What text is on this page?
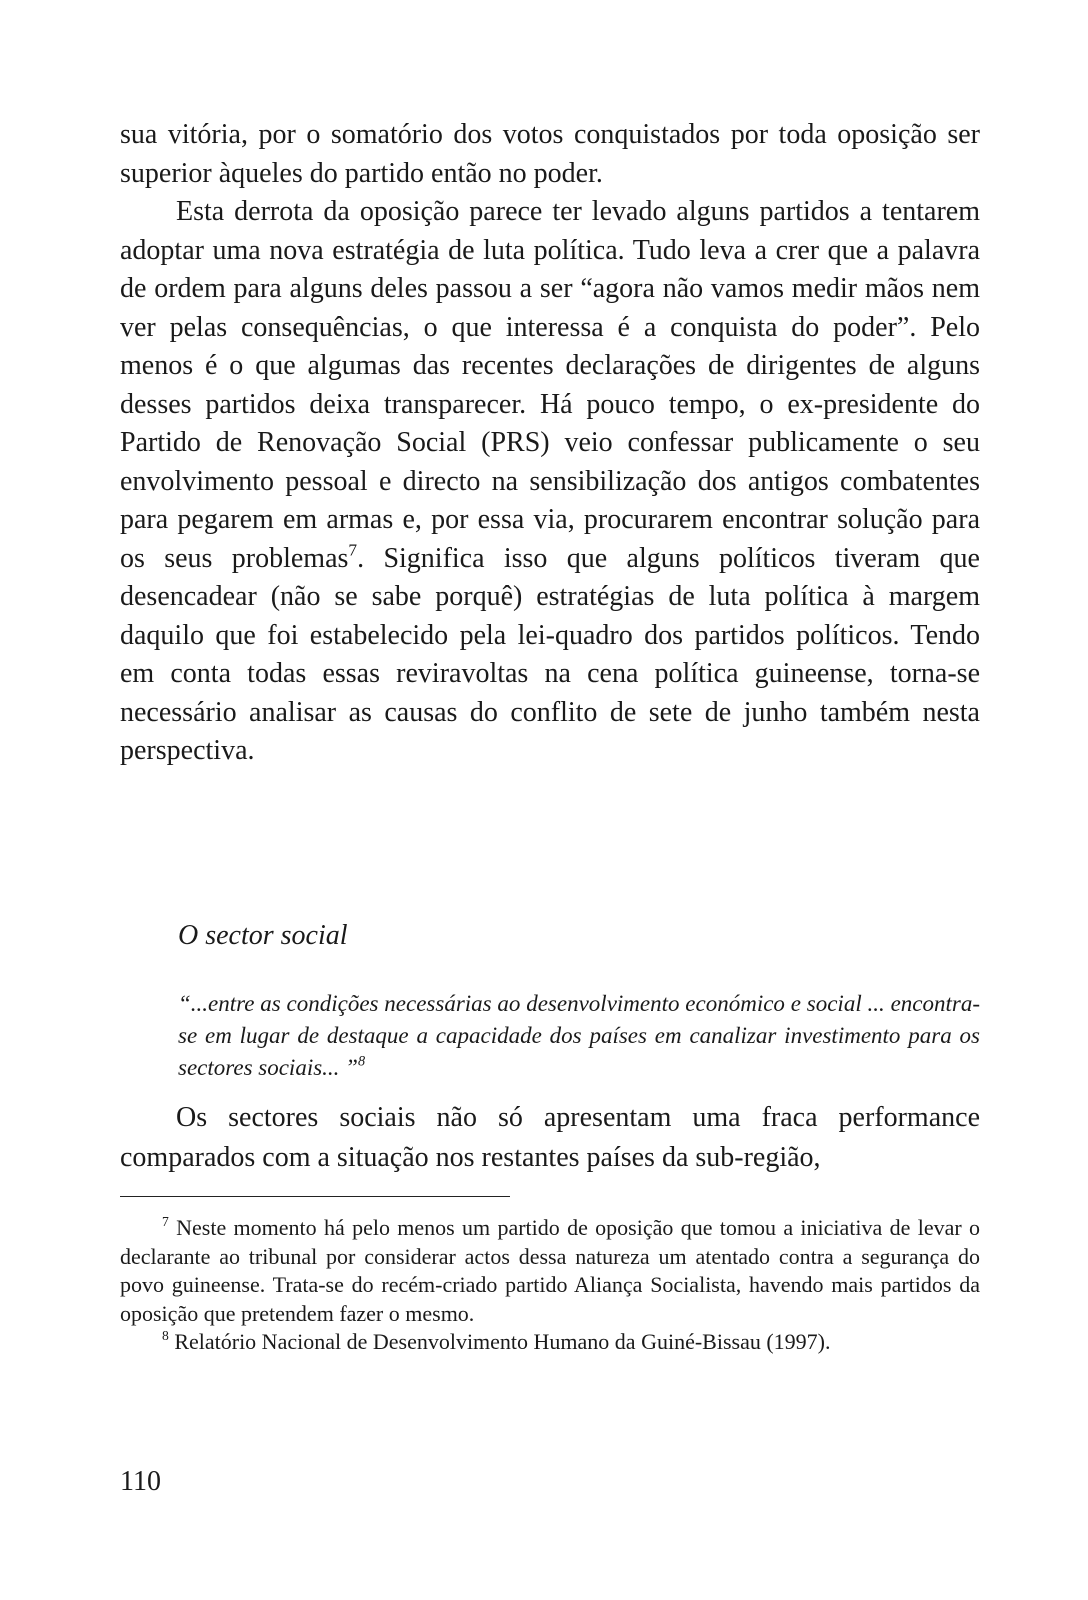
sua vitória, por o somatório dos votos conquistados por toda oposição ser superior àqueles do partido então no poder.

Esta derrota da oposição parece ter levado alguns partidos a tentarem adoptar uma nova estratégia de luta política. Tudo leva a crer que a palavra de ordem para alguns deles passou a ser “agora não vamos medir mãos nem ver pelas consequências, o que interessa é a conquista do poder”. Pelo menos é o que algumas das recentes declarações de dirigentes de alguns desses partidos deixa transparecer. Há pouco tempo, o ex-presidente do Partido de Renovação Social (PRS) veio confessar publicamente o seu envolvimento pessoal e directo na sensibilização dos antigos combatentes para pegarem em armas e, por essa via, procurarem encontrar solução para os seus problemas$^7$. Significa isso que alguns políticos tiveram que desencadear (não se sabe porquê) estratégias de luta política à margem daquilo que foi estabelecido pela lei-quadro dos partidos políticos. Tendo em conta todas essas reviravoltas na cena política guineense, torna-se necessário analisar as causas do conflito de sete de junho também nesta perspectiva.

O sector social

“...entre as condições necessárias ao desenvolvimento económico e social ... encontra-se em lugar de destaque a capacidade dos países em canalizar investimento para os sectores sociais... ”$^8$

Os sectores sociais não só apresentam uma fraca performance comparados com a situação nos restantes países da sub-região,

$^7$ Neste momento há pelo menos um partido de oposição que tomou a iniciativa de levar o declarante ao tribunal por considerar actos dessa natureza um atentado contra a segurança do povo guineense. Trata-se do recém-criado partido Aliança Socialista, havendo mais partidos da oposição que pretendem fazer o mesmo.

$^8$ Relatório Nacional de Desenvolvimento Humano da Guiné-Bissau (1997).

110
